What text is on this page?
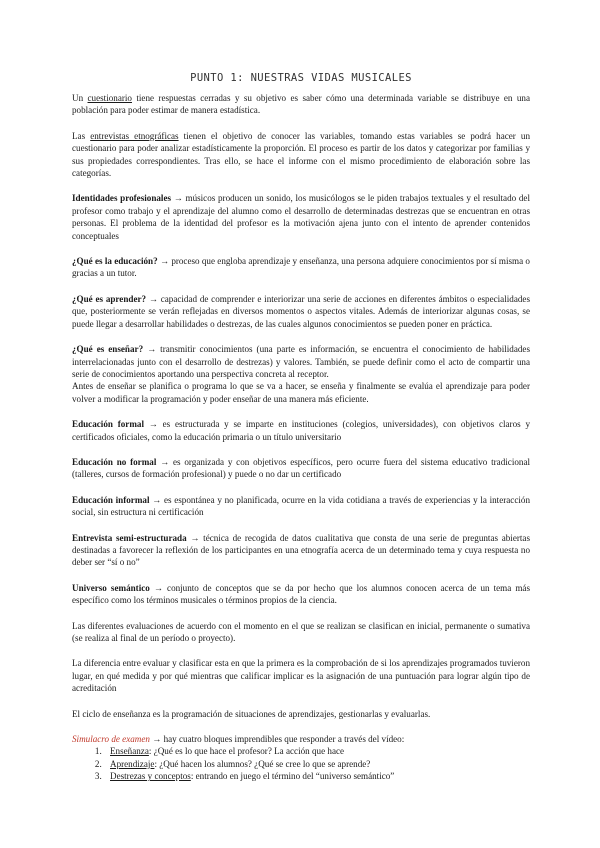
PUNTO 1: NUESTRAS VIDAS MUSICALES

Un cuestionario tiene respuestas cerradas y su objetivo es saber cómo una determinada variable se distribuye en una población para poder estimar de manera estadística.

Las entrevistas etnográficas tienen el objetivo de conocer las variables, tomando estas variables se podrá hacer un cuestionario para poder analizar estadísticamente la proporción. El proceso es partir de los datos y categorizar por familias y sus propiedades correspondientes. Tras ello, se hace el informe con el mismo procedimiento de elaboración sobre las categorías.

Identidades profesionales → músicos producen un sonido, los musicólogos se le piden trabajos textuales y el resultado del profesor como trabajo y el aprendizaje del alumno como el desarrollo de determinadas destrezas que se encuentran en otras personas. El problema de la identidad del profesor es la motivación ajena junto con el intento de aprender contenidos conceptuales

¿Qué es la educación? → proceso que engloba aprendizaje y enseñanza, una persona adquiere conocimientos por sí misma o gracias a un tutor.

¿Qué es aprender? → capacidad de comprender e interiorizar una serie de acciones en diferentes ámbitos o especialidades que, posteriormente se verán reflejadas en diversos momentos o aspectos vitales. Además de interiorizar algunas cosas, se puede llegar a desarrollar habilidades o destrezas, de las cuales algunos conocimientos se pueden poner en práctica.

¿Qué es enseñar? → transmitir conocimientos (una parte es información, se encuentra el conocimiento de habilidades interrelacionadas junto con el desarrollo de destrezas) y valores. También, se puede definir como el acto de compartir una serie de conocimientos aportando una perspectiva concreta al receptor.

Antes de enseñar se planifica o programa lo que se va a hacer, se enseña y finalmente se evalúa el aprendizaje para poder volver a modificar la programación y poder enseñar de una manera más eficiente.

Educación formal → es estructurada y se imparte en instituciones (colegios, universidades), con objetivos claros y certificados oficiales, como la educación primaria o un título universitario

Educación no formal → es organizada y con objetivos específicos, pero ocurre fuera del sistema educativo tradicional (talleres, cursos de formación profesional) y puede o no dar un certificado

Educación informal → es espontánea y no planificada, ocurre en la vida cotidiana a través de experiencias y la interacción social, sin estructura ni certificación

Entrevista semi-estructurada → técnica de recogida de datos cualitativa que consta de una serie de preguntas abiertas destinadas a favorecer la reflexión de los participantes en una etnografía acerca de un determinado tema y cuya respuesta no deber ser “sí o no”

Universo semántico → conjunto de conceptos que se da por hecho que los alumnos conocen acerca de un tema más específico como los términos musicales o términos propios de la ciencia.

Las diferentes evaluaciones de acuerdo con el momento en el que se realizan se clasifican en inicial, permanente o sumativa (se realiza al final de un período o proyecto).

La diferencia entre evaluar y clasificar esta en que la primera es la comprobación de si los aprendizajes programados tuvieron lugar, en qué medida y por qué mientras que calificar implicar es la asignación de una puntuación para lograr algún tipo de acreditación

El ciclo de enseñanza es la programación de situaciones de aprendizajes, gestionarlas y evaluarlas.

Simulacro de examen → hay cuatro bloques imprendibles que responder a través del vídeo:

1. Enseñanza: ¿Qué es lo que hace el profesor? La acción que hace
2. Aprendizaje: ¿Qué hacen los alumnos? ¿Qué se cree lo que se aprende?
3. Destrezas y conceptos: entrando en juego el término del “universo semántico”
